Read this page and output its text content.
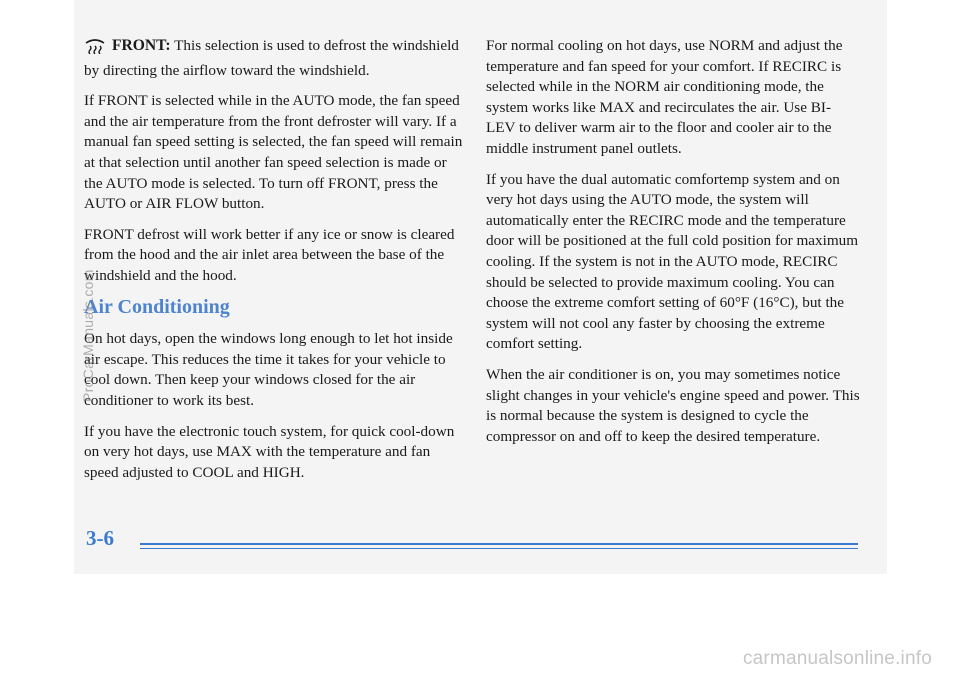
FRONT: This selection is used to defrost the windshield by directing the airflow toward the windshield.

If FRONT is selected while in the AUTO mode, the fan speed and the air temperature from the front defroster will vary. If a manual fan speed setting is selected, the fan speed will remain at that selection until another fan speed selection is made or the AUTO mode is selected. To turn off FRONT, press the AUTO or AIR FLOW button.

FRONT defrost will work better if any ice or snow is cleared from the hood and the air inlet area between the base of the windshield and the hood.

Air Conditioning

On hot days, open the windows long enough to let hot inside air escape. This reduces the time it takes for your vehicle to cool down. Then keep your windows closed for the air conditioner to work its best.

If you have the electronic touch system, for quick cool-down on very hot days, use MAX with the temperature and fan speed adjusted to COOL and HIGH.

For normal cooling on hot days, use NORM and adjust the temperature and fan speed for your comfort. If RECIRC is selected while in the NORM air conditioning mode, the system works like MAX and recirculates the air. Use BI-LEV to deliver warm air to the floor and cooler air to the middle instrument panel outlets.

If you have the dual automatic comfortemp system and on very hot days using the AUTO mode, the system will automatically enter the RECIRC mode and the temperature door will be positioned at the full cold position for maximum cooling. If the system is not in the AUTO mode, RECIRC should be selected to provide maximum cooling. You can choose the extreme comfort setting of 60°F (16°C), but the system will not cool any faster by choosing the extreme comfort setting.

When the air conditioner is on, you may sometimes notice slight changes in your vehicle's engine speed and power. This is normal because the system is designed to cycle the compressor on and off to keep the desired temperature.

ProCarManuals.com
3-6
carmanualsonline.info
